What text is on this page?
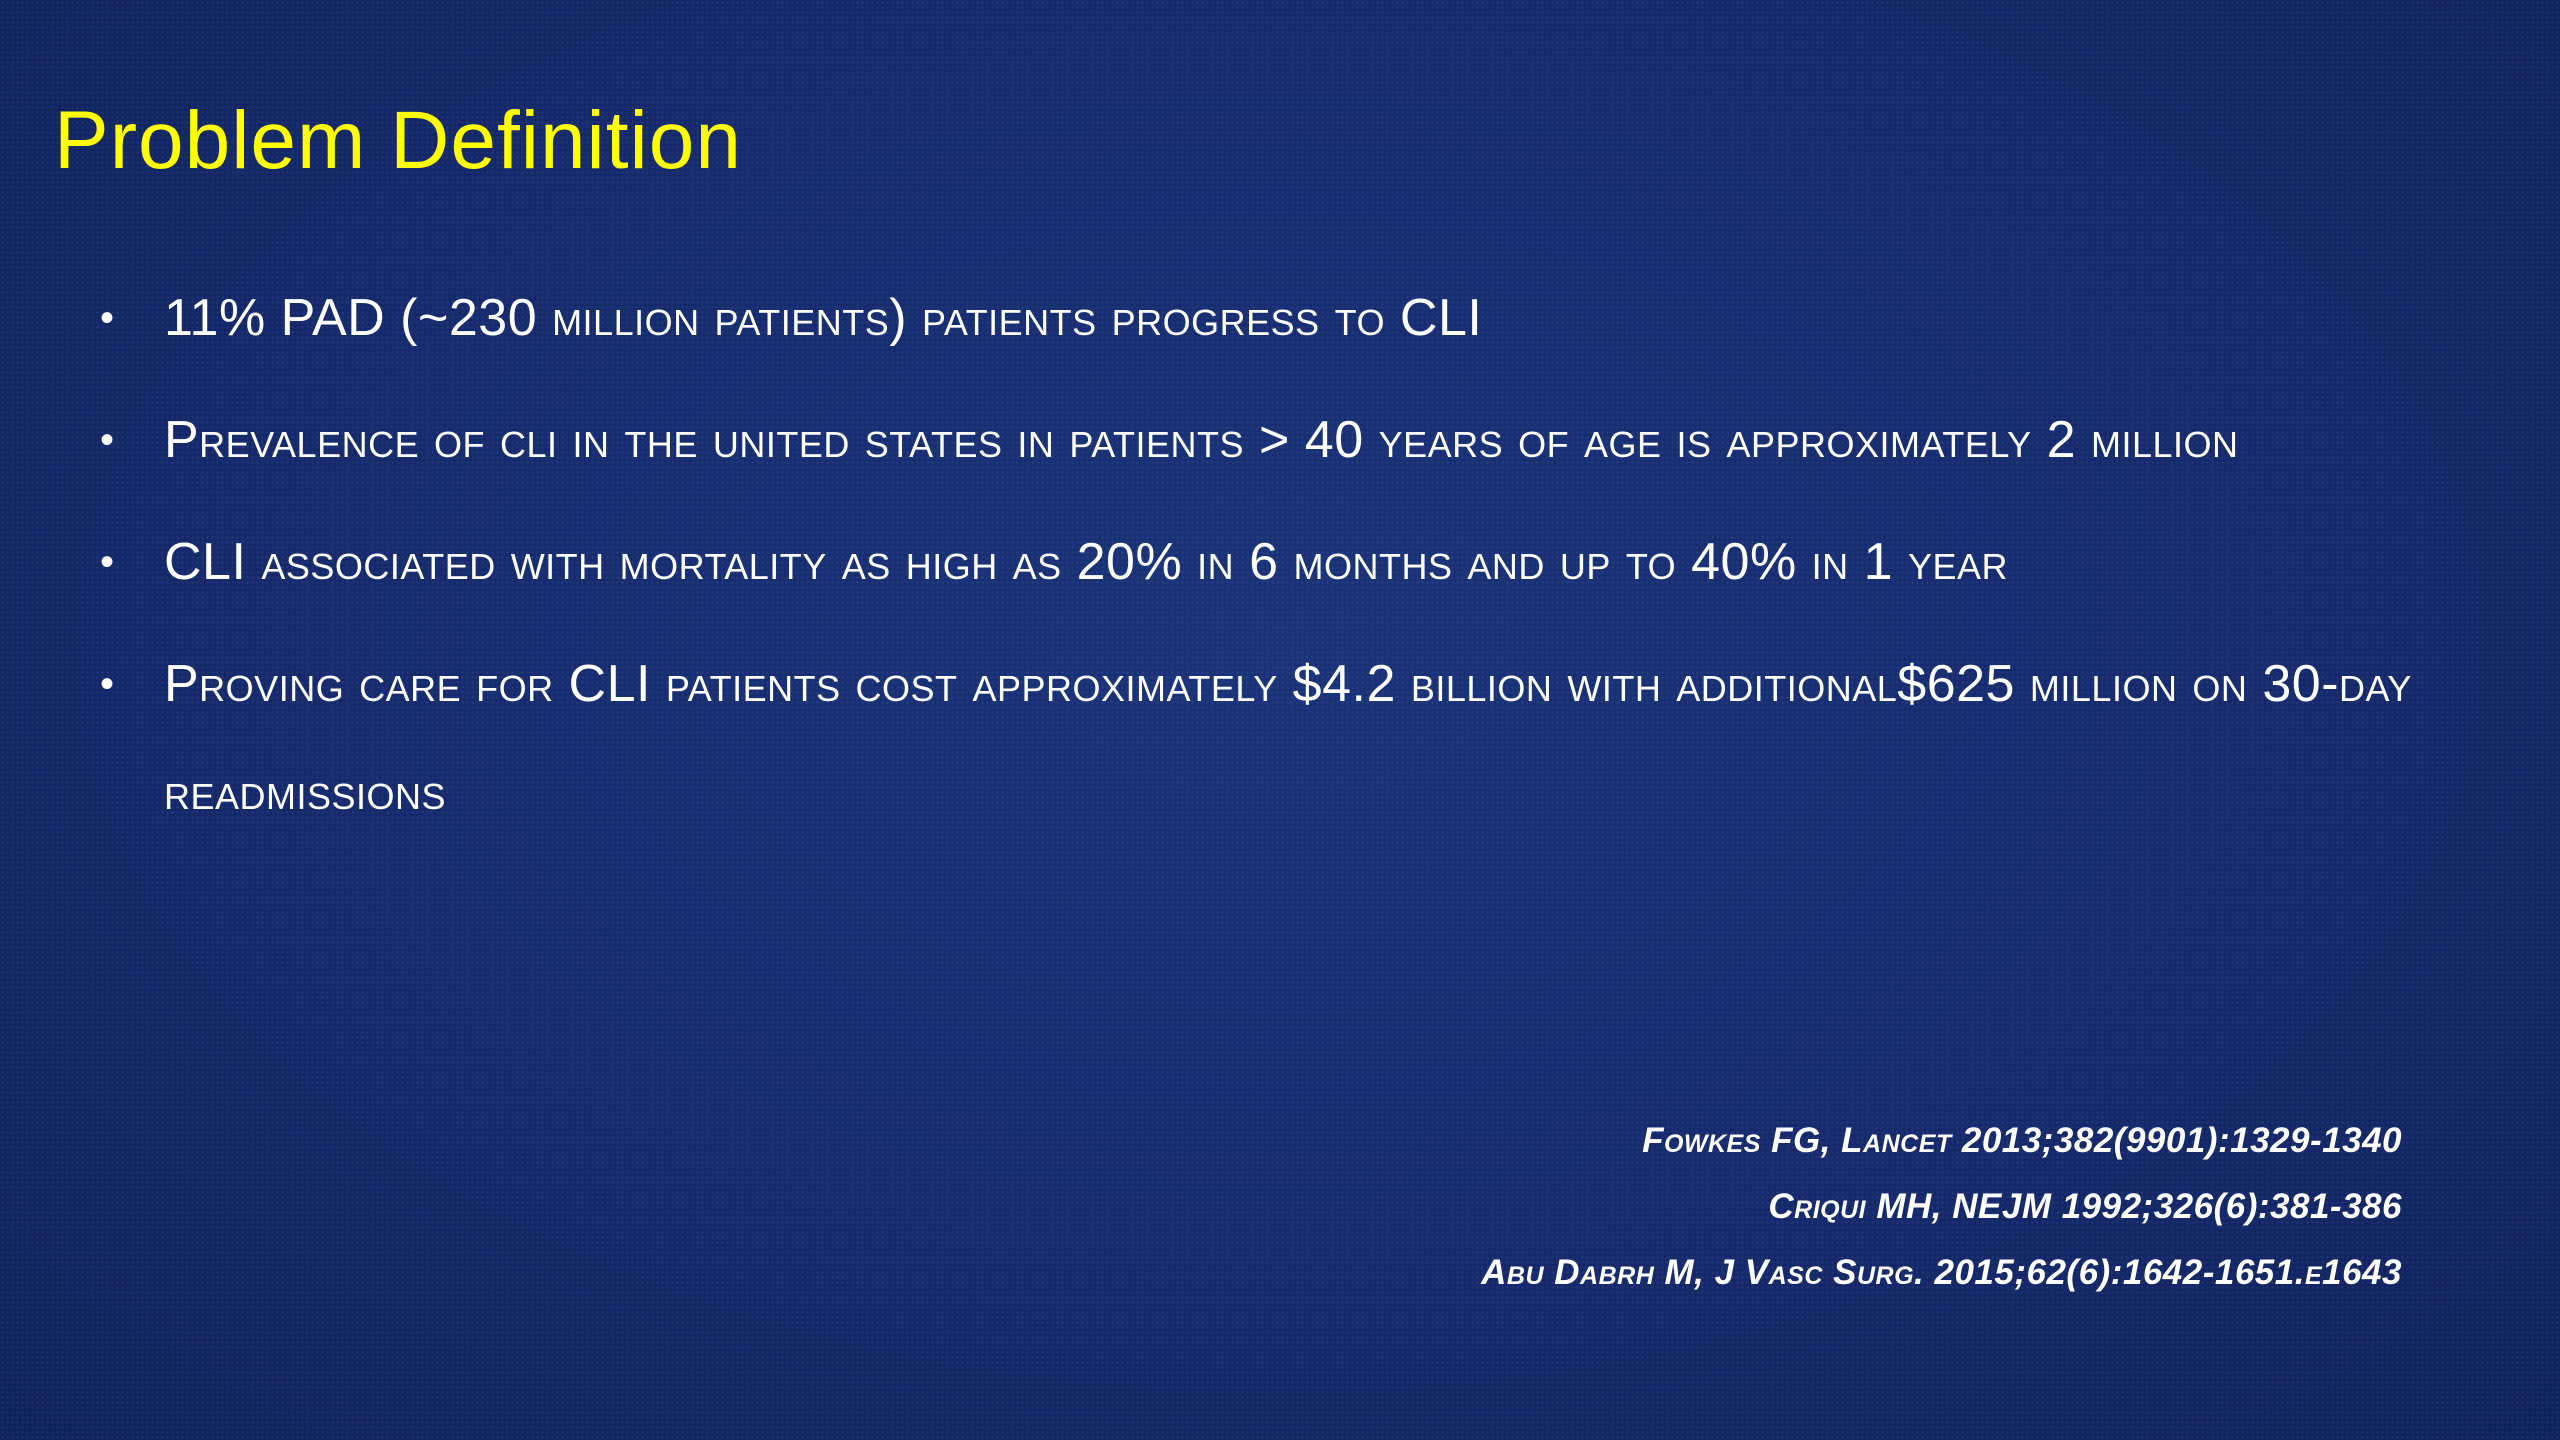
Problem Definition
• 11% PAD (~230 million patients) patients progress to CLI
• Prevalence of cli in the united states in patients > 40 years of age is approximately 2 million
• CLI associated with mortality as high as 20% in 6 months and up to 40% in 1 year
• Proving care for CLI patients cost approximately $4.2 billion with additional$625 million on 30-day readmissions
Fowkes FG, Lancet 2013;382(9901):1329-1340
Criqui MH, NEJM 1992;326(6):381-386
Abu Dabrh M, J Vasc Surg. 2015;62(6):1642-1651.e1643
